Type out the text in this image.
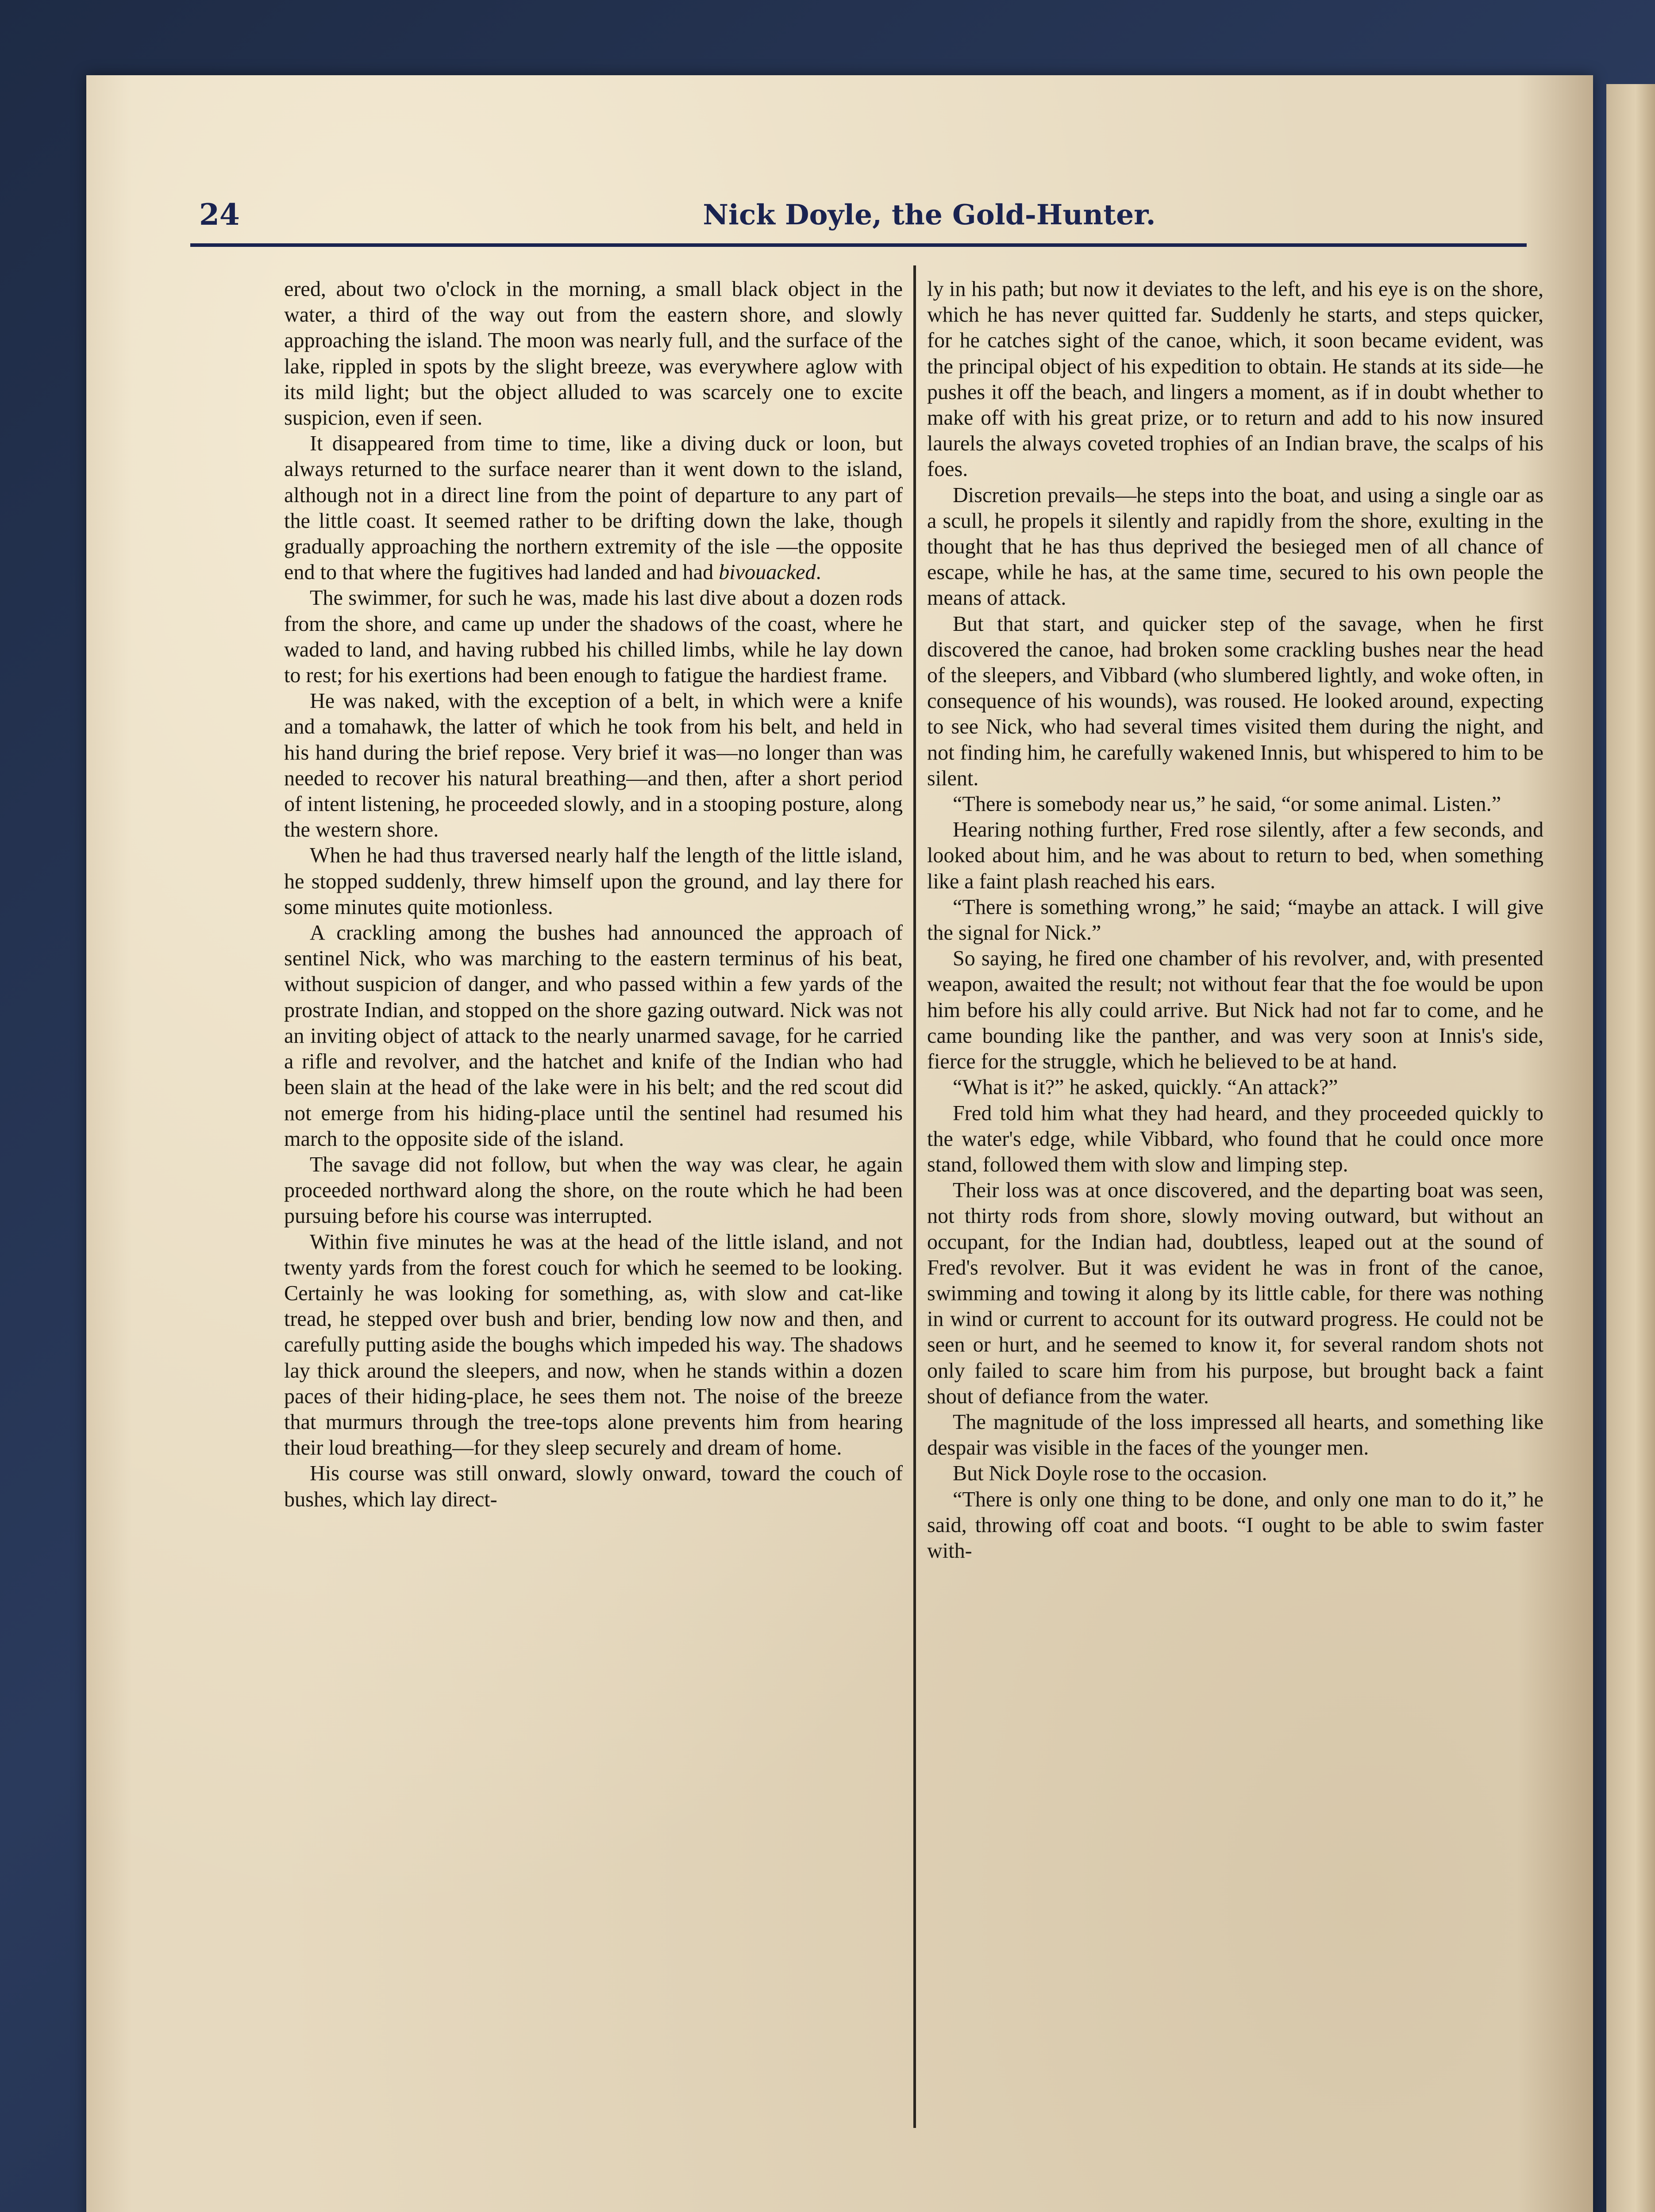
24	Nick Doyle, the Gold-Hunter.

ered, about two o'clock in the morning, a small black object in the water, a third of the way out from the eastern shore, and slowly approaching the island. The moon was nearly full, and the surface of the lake, rippled in spots by the slight breeze, was everywhere aglow with its mild light; but the object alluded to was scarcely one to excite suspicion, even if seen.

It disappeared from time to time, like a diving duck or loon, but always returned to the surface nearer than it went down to the island, although not in a direct line from the point of departure to any part of the little coast. It seemed rather to be drifting down the lake, though gradually approaching the northern extremity of the isle —the opposite end to that where the fugitives had landed and had bivouacked.

The swimmer, for such he was, made his last dive about a dozen rods from the shore, and came up under the shadows of the coast, where he waded to land, and having rubbed his chilled limbs, while he lay down to rest; for his exertions had been enough to fatigue the hardiest frame.

He was naked, with the exception of a belt, in which were a knife and a tomahawk, the latter of which he took from his belt, and held in his hand during the brief repose. Very brief it was—no longer than was needed to recover his natural breathing—and then, after a short period of intent listening, he proceeded slowly, and in a stooping posture, along the western shore.

When he had thus traversed nearly half the length of the little island, he stopped suddenly, threw himself upon the ground, and lay there for some minutes quite motionless.

A crackling among the bushes had announced the approach of sentinel Nick, who was marching to the eastern terminus of his beat, without suspicion of danger, and who passed within a few yards of the prostrate Indian, and stopped on the shore gazing outward. Nick was not an inviting object of attack to the nearly unarmed savage, for he carried a rifle and revolver, and the hatchet and knife of the Indian who had been slain at the head of the lake were in his belt; and the red scout did not emerge from his hiding-place until the sentinel had resumed his march to the opposite side of the island.

The savage did not follow, but when the way was clear, he again proceeded northward along the shore, on the route which he had been pursuing before his course was interrupted.

Within five minutes he was at the head of the little island, and not twenty yards from the forest couch for which he seemed to be looking. Certainly he was looking for something, as, with slow and cat-like tread, he stepped over bush and brier, bending low now and then, and carefully putting aside the boughs which impeded his way. The shadows lay thick around the sleepers, and now, when he stands within a dozen paces of their hiding-place, he sees them not. The noise of the breeze that murmurs through the tree-tops alone prevents him from hearing their loud breathing—for they sleep securely and dream of home.

His course was still onward, slowly onward, toward the couch of bushes, which lay direct-

ly in his path; but now it deviates to the left, and his eye is on the shore, which he has never quitted far. Suddenly he starts, and steps quicker, for he catches sight of the canoe, which, it soon became evident, was the principal object of his expedition to obtain. He stands at its side—he pushes it off the beach, and lingers a moment, as if in doubt whether to make off with his great prize, or to return and add to his now insured laurels the always coveted trophies of an Indian brave, the scalps of his foes.

Discretion prevails—he steps into the boat, and using a single oar as a scull, he propels it silently and rapidly from the shore, exulting in the thought that he has thus deprived the besieged men of all chance of escape, while he has, at the same time, secured to his own people the means of attack.

But that start, and quicker step of the savage, when he first discovered the canoe, had broken some crackling bushes near the head of the sleepers, and Vibbard (who slumbered lightly, and woke often, in consequence of his wounds), was roused. He looked around, expecting to see Nick, who had several times visited them during the night, and not finding him, he carefully wakened Innis, but whispered to him to be silent.

“There is somebody near us,” he said, “or some animal. Listen.”

Hearing nothing further, Fred rose silently, after a few seconds, and looked about him, and he was about to return to bed, when something like a faint plash reached his ears.

“There is something wrong,” he said; “maybe an attack. I will give the signal for Nick.”

So saying, he fired one chamber of his revolver, and, with presented weapon, awaited the result; not without fear that the foe would be upon him before his ally could arrive. But Nick had not far to come, and he came bounding like the panther, and was very soon at Innis's side, fierce for the struggle, which he believed to be at hand.

“What is it?” he asked, quickly. “An attack?”

Fred told him what they had heard, and they proceeded quickly to the water's edge, while Vibbard, who found that he could once more stand, followed them with slow and limping step.

Their loss was at once discovered, and the departing boat was seen, not thirty rods from shore, slowly moving outward, but without an occupant, for the Indian had, doubtless, leaped out at the sound of Fred's revolver. But it was evident he was in front of the canoe, swimming and towing it along by its little cable, for there was nothing in wind or current to account for its outward progress. He could not be seen or hurt, and he seemed to know it, for several random shots not only failed to scare him from his purpose, but brought back a faint shout of defiance from the water.

The magnitude of the loss impressed all hearts, and something like despair was visible in the faces of the younger men.

But Nick Doyle rose to the occasion.

“There is only one thing to be done, and only one man to do it,” he said, throwing off coat and boots. “I ought to be able to swim faster with-
